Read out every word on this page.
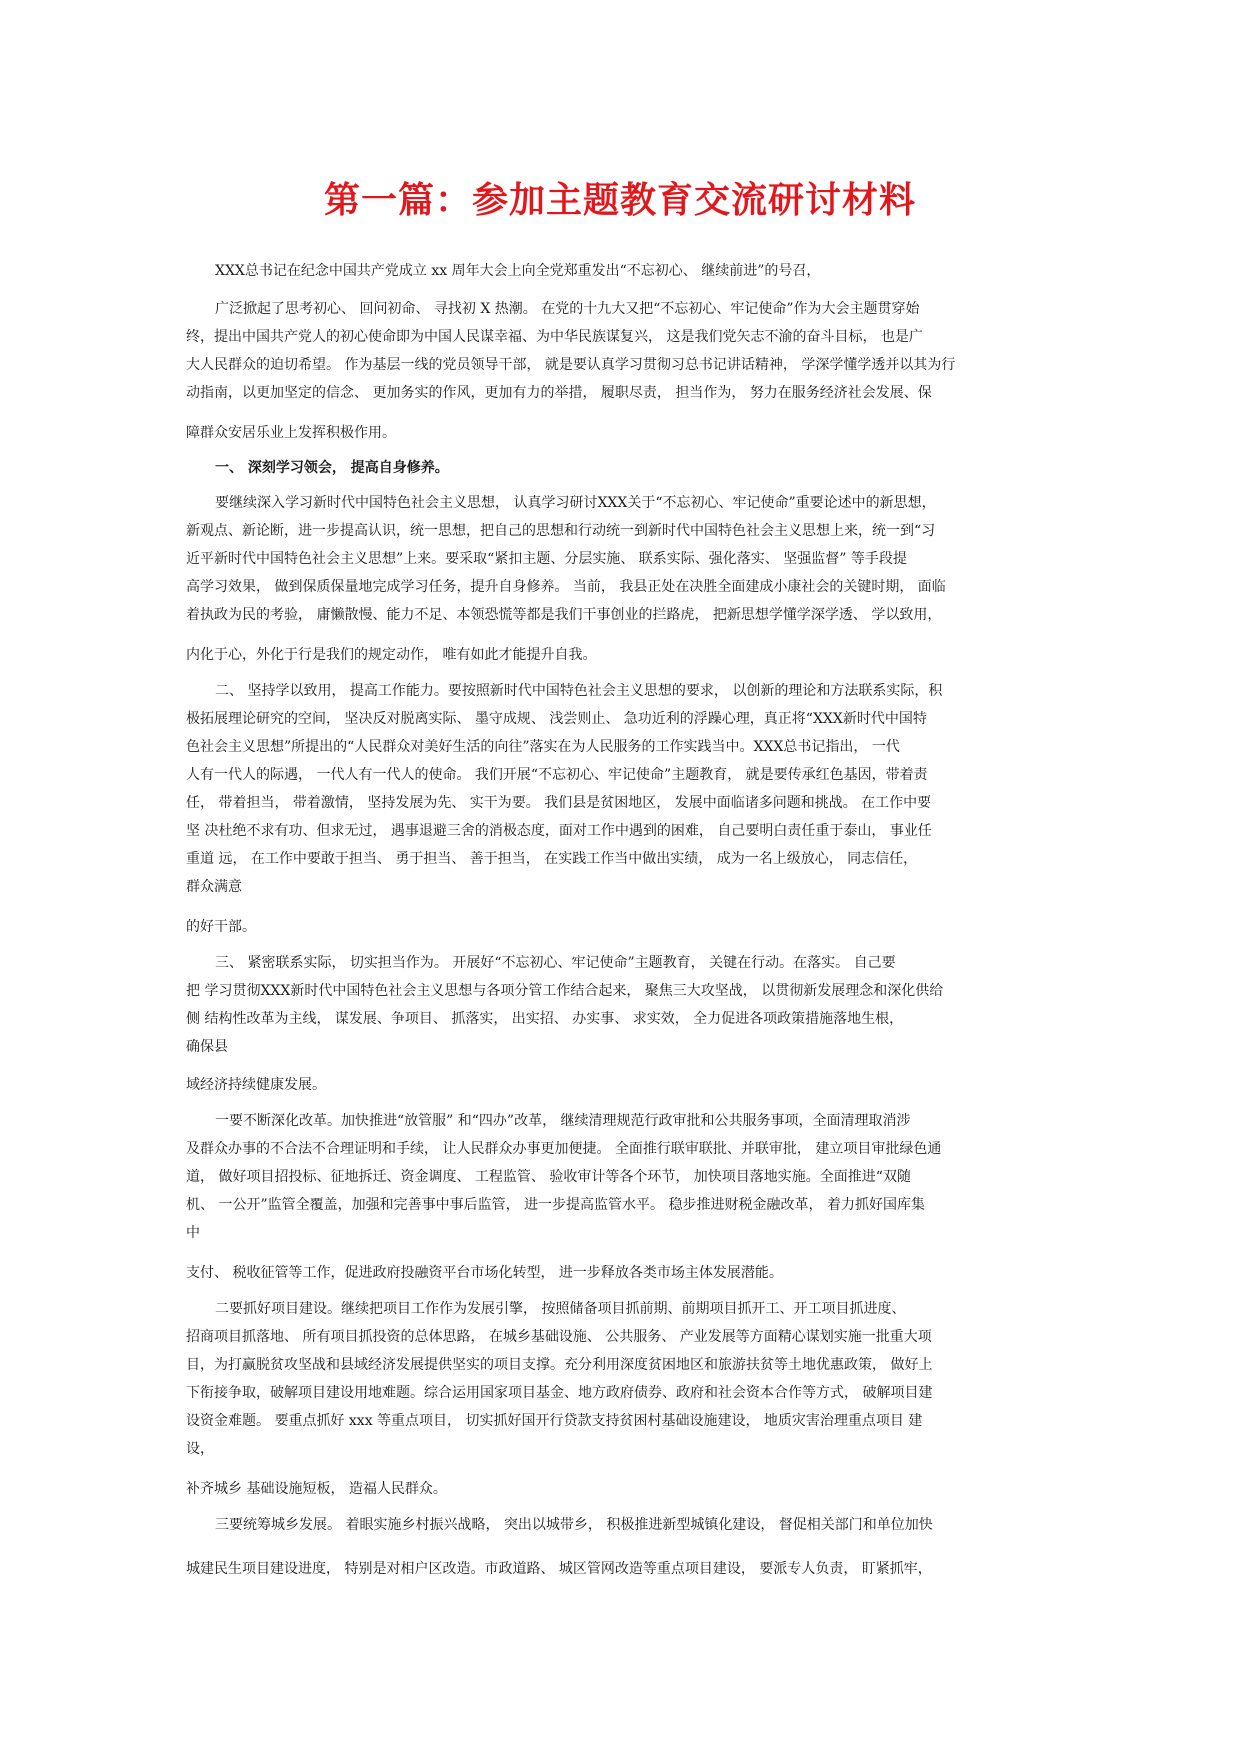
第一篇：参加主题教育交流研讨材料
XXX总书记在纪念中国共产党成立 xx 周年大会上向全党郑重发出“不忘初心、 继续前进”的号召，
广泛掀起了思考初心、 回问初命、 寻找初 X 热潮。 在党的十九大又把“不忘初心、牢记使命”作为大会主题贯穿始
终，提出中国共产党人的初心使命即为中国人民谋幸福、为中华民族谋复兴， 这是我们党矢志不渝的奋斗目标， 也是广
大人民群众的迫切希望。 作为基层一线的党员领导干部， 就是要认真学习贯彻习总书记讲话精神， 学深学懂学透并以其为行
动指南，以更加坚定的信念、 更加务实的作风，更加有力的举措， 履职尽责， 担当作为， 努力在服务经济社会发展、保
障群众安居乐业上发挥积极作用。
一、 深刻学习领会， 提高自身修养。
要继续深入学习新时代中国特色社会主义思想， 认真学习研讨XXX关于“不忘初心、牢记使命”重要论述中的新思想，
新观点、新论断，进一步提高认识，统一思想，把自己的思想和行动统一到新时代中国特色社会主义思想上来，统一到“习
近平新时代中国特色社会主义思想”上来。要采取“紧扣主题、分层实施、 联系实际、强化落实、 坚强监督” 等手段提
高学习效果， 做到保质保量地完成学习任务，提升自身修养。 当前， 我县正处在决胜全面建成小康社会的关键时期， 面临
着执政为民的考验， 庸懒散慢、能力不足、本领恐慌等都是我们干事创业的拦路虎， 把新思想学懂学深学透、 学以致用，
内化于心，外化于行是我们的规定动作， 唯有如此才能提升自我。
二、 坚持学以致用， 提高工作能力。要按照新时代中国特色社会主义思想的要求， 以创新的理论和方法联系实际，积
极拓展理论研究的空间， 坚决反对脱离实际、 墨守成规、 浅尝则止、 急功近利的浮躁心理，真正将“XXX新时代中国特
色社会主义思想”所提出的“人民群众对美好生活的向往”落实在为人民服务的工作实践当中。XXX总书记指出， 一代
人有一代人的际遇， 一代人有一代人的使命。 我们开展“不忘初心、牢记使命”主题教育， 就是要传承红色基因，带着责
任， 带着担当， 带着激情， 坚持发展为先、 实干为要。 我们县是贫困地区， 发展中面临诸多问题和挑战。 在工作中要
坚 决杜绝不求有功、但求无过， 遇事退避三舍的消极态度，面对工作中遇到的困难， 自己要明白责任重于泰山， 事业任
重道 远， 在工作中要敢于担当、 勇于担当、 善于担当， 在实践工作当中做出实绩， 成为一名上级放心， 同志信任，
群众满意
的好干部。
三、 紧密联系实际， 切实担当作为。 开展好“不忘初心、牢记使命”主题教育， 关键在行动。在落实。 自己要
把 学习贯彻XXX新时代中国特色社会主义思想与各项分管工作结合起来， 聚焦三大攻坚战， 以贯彻新发展理念和深化供给
侧 结构性改革为主线， 谋发展、争项目、 抓落实， 出实招、 办实事、 求实效， 全力促进各项政策措施落地生根，
确保县
域经济持续健康发展。
一要不断深化改革。加快推进“放管服” 和“四办”改革， 继续清理规范行政审批和公共服务事项，全面清理取消涉
及群众办事的不合法不合理证明和手续， 让人民群众办事更加便捷。 全面推行联审联批、并联审批， 建立项目审批绿色通
道， 做好项目招投标、征地拆迁、资金调度、 工程监管、 验收审计等各个环节， 加快项目落地实施。全面推进“双随
机、 一公开”监管全覆盖，加强和完善事中事后监管， 进一步提高监管水平。 稳步推进财税金融改革， 着力抓好国库集
中
支付、 税收征管等工作，促进政府投融资平台市场化转型， 进一步释放各类市场主体发展潜能。
二要抓好项目建设。继续把项目工作作为发展引擎， 按照储备项目抓前期、前期项目抓开工、开工项目抓进度、
招商项目抓落地、 所有项目抓投资的总体思路， 在城乡基础设施、 公共服务、 产业发展等方面精心谋划实施一批重大项
目，为打赢脱贫攻坚战和县域经济发展提供坚实的项目支撑。充分利用深度贫困地区和旅游扶贫等土地优惠政策， 做好上
下衔接争取，破解项目建设用地难题。综合运用国家项目基金、地方政府债券、政府和社会资本合作等方式， 破解项目建
设资金难题。 要重点抓好 xxx 等重点项目， 切实抓好国开行贷款支持贫困村基础设施建设， 地质灾害治理重点项目 建
设，
补齐城乡 基础设施短板， 造福人民群众。
三要统筹城乡发展。 着眼实施乡村振兴战略， 突出以城带乡， 积极推进新型城镇化建设， 督促相关部门和单位加快
城建民生项目建设进度， 特别是对相户区改造。市政道路、 城区管网改造等重点项目建设， 要派专人负责， 盯紧抓牢，
